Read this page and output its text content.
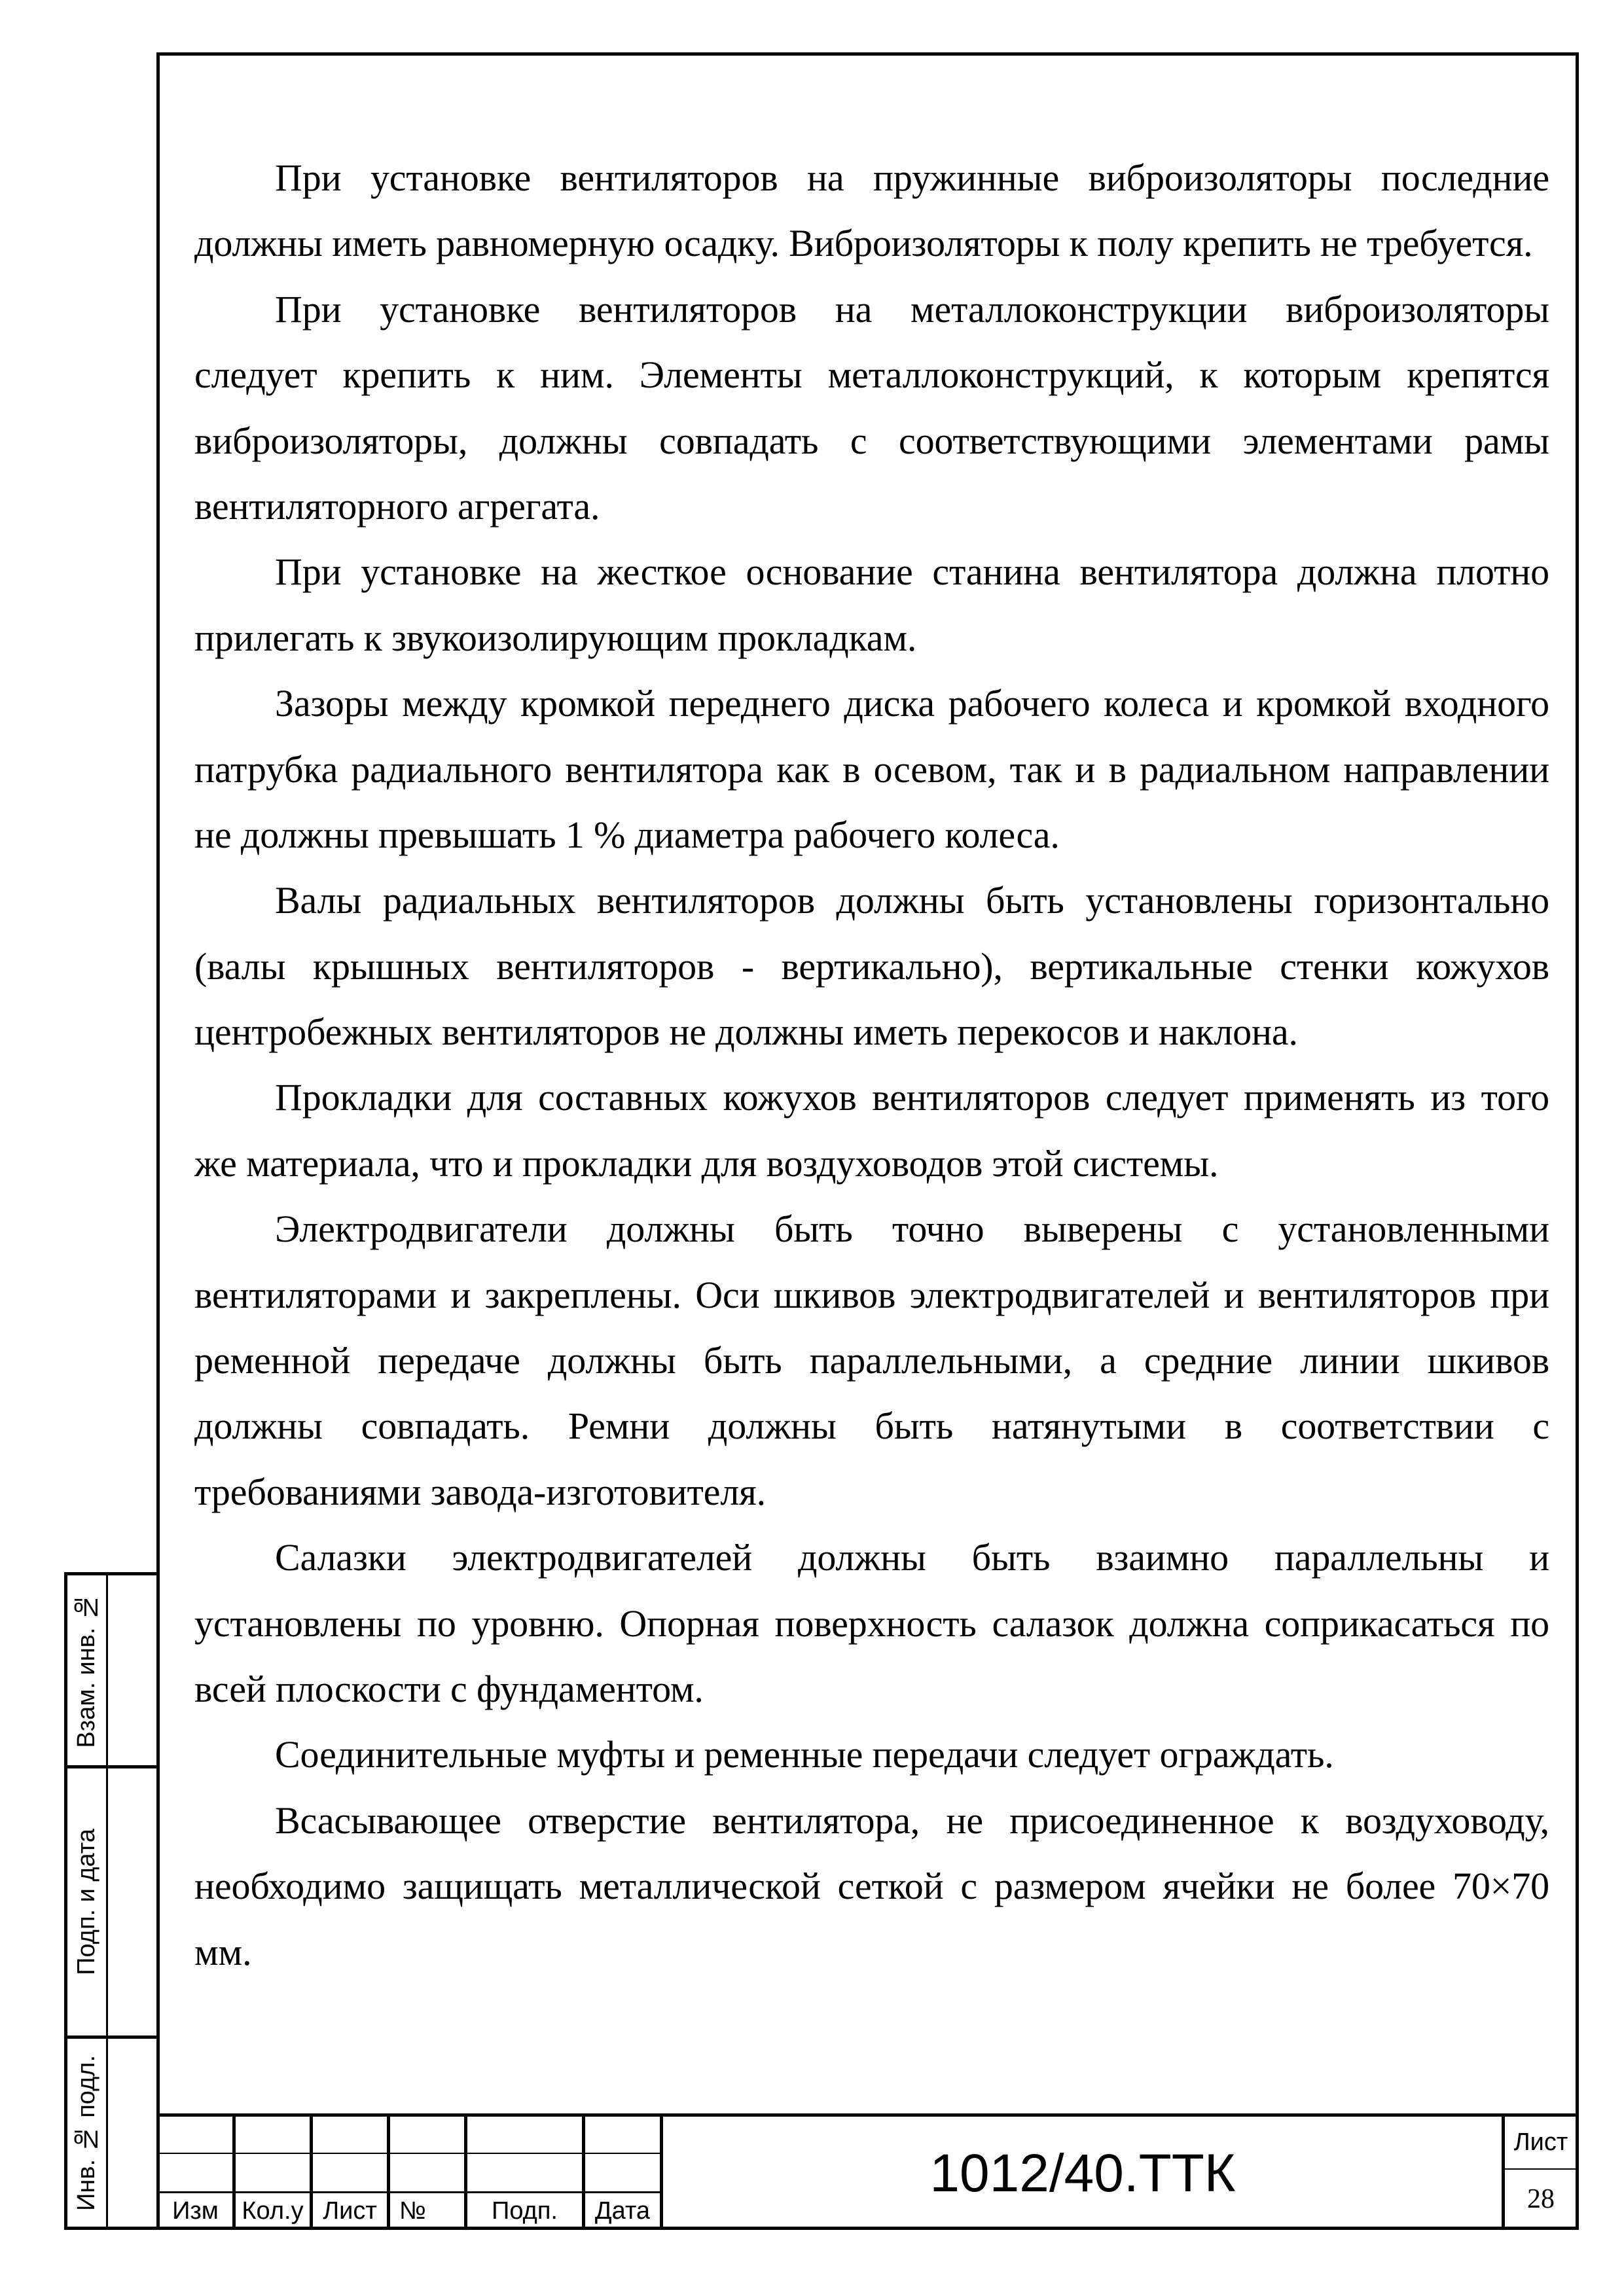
При установке вентиляторов на пружинные виброизоляторы последние
должны иметь равномерную осадку. Виброизоляторы к полу крепить не требуется.
При установке вентиляторов на металлоконструкции виброизоляторы
следует крепить к ним. Элементы металлоконструкций, к которым крепятся
виброизоляторы, должны совпадать с соответствующими элементами рамы
вентиляторного агрегата.
При установке на жесткое основание станина вентилятора должна плотно
прилегать к звукоизолирующим прокладкам.
Зазоры между кромкой переднего диска рабочего колеса и кромкой входного
патрубка радиального вентилятора как в осевом, так и в радиальном направлении
не должны превышать 1 % диаметра рабочего колеса.
Валы радиальных вентиляторов должны быть установлены горизонтально
(валы крышных вентиляторов - вертикально), вертикальные стенки кожухов
центробежных вентиляторов не должны иметь перекосов и наклона.
Прокладки для составных кожухов вентиляторов следует применять из того
же материала, что и прокладки для воздуховодов этой системы.
Электродвигатели должны быть точно выверены с установленными
вентиляторами и закреплены. Оси шкивов электродвигателей и вентиляторов при
ременной передаче должны быть параллельными, а средние линии шкивов
должны совпадать. Ремни должны быть натянутыми в соответствии с
требованиями завода-изготовителя.
Салазки электродвигателей должны быть взаимно параллельны и
установлены по уровню. Опорная поверхность салазок должна соприкасаться по
всей плоскости с фундаментом.
Соединительные муфты и ременные передачи следует ограждать.
Всасывающее отверстие вентилятора, не присоединенное к воздуховоду,
необходимо защищать металлической сеткой с размером ячейки не более 70×70
мм.
Изм Кол.у Лист №	Подп.	Дата
1012/40.ТТК
Лист
28
Взам. инв. №
Подп. и дата
Инв. № подл.
